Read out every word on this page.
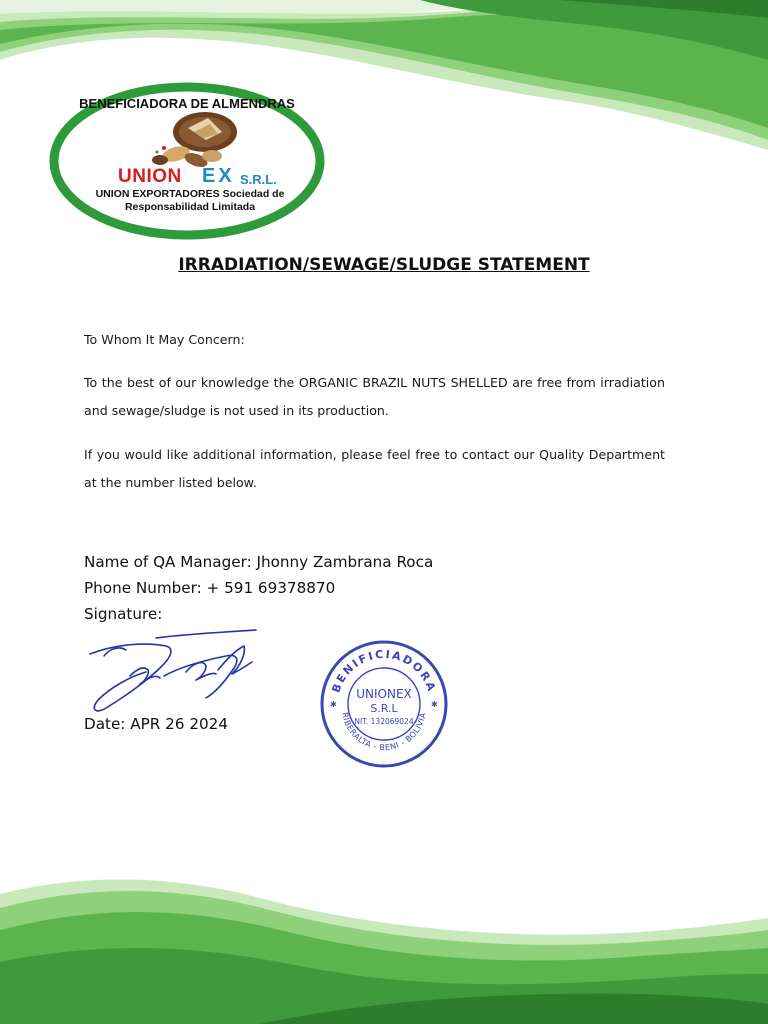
BENEFICIADORA DE ALMENDRAS
UNION EX S.R.L.
UNION EXPORTADORES Sociedad de Responsabilidad Limitada
IRRADIATION/SEWAGE/SLUDGE STATEMENT

To Whom It May Concern:

To the best of our knowledge the ORGANIC BRAZIL NUTS SHELLED are free from irradiation and sewage/sludge is not used in its production.

If you would like additional information, please feel free to contact our Quality Department at the number listed below.

Name of QA Manager: Jhonny Zambrana Roca
Phone Number: + 591 69378870
Signature:
Date: APR 26 2024
BENIFICIADORA
RIBERALTA - BENI - BOLIVIA
UNIONEX
S.R.L
NIT. 132069024
✱	✱
